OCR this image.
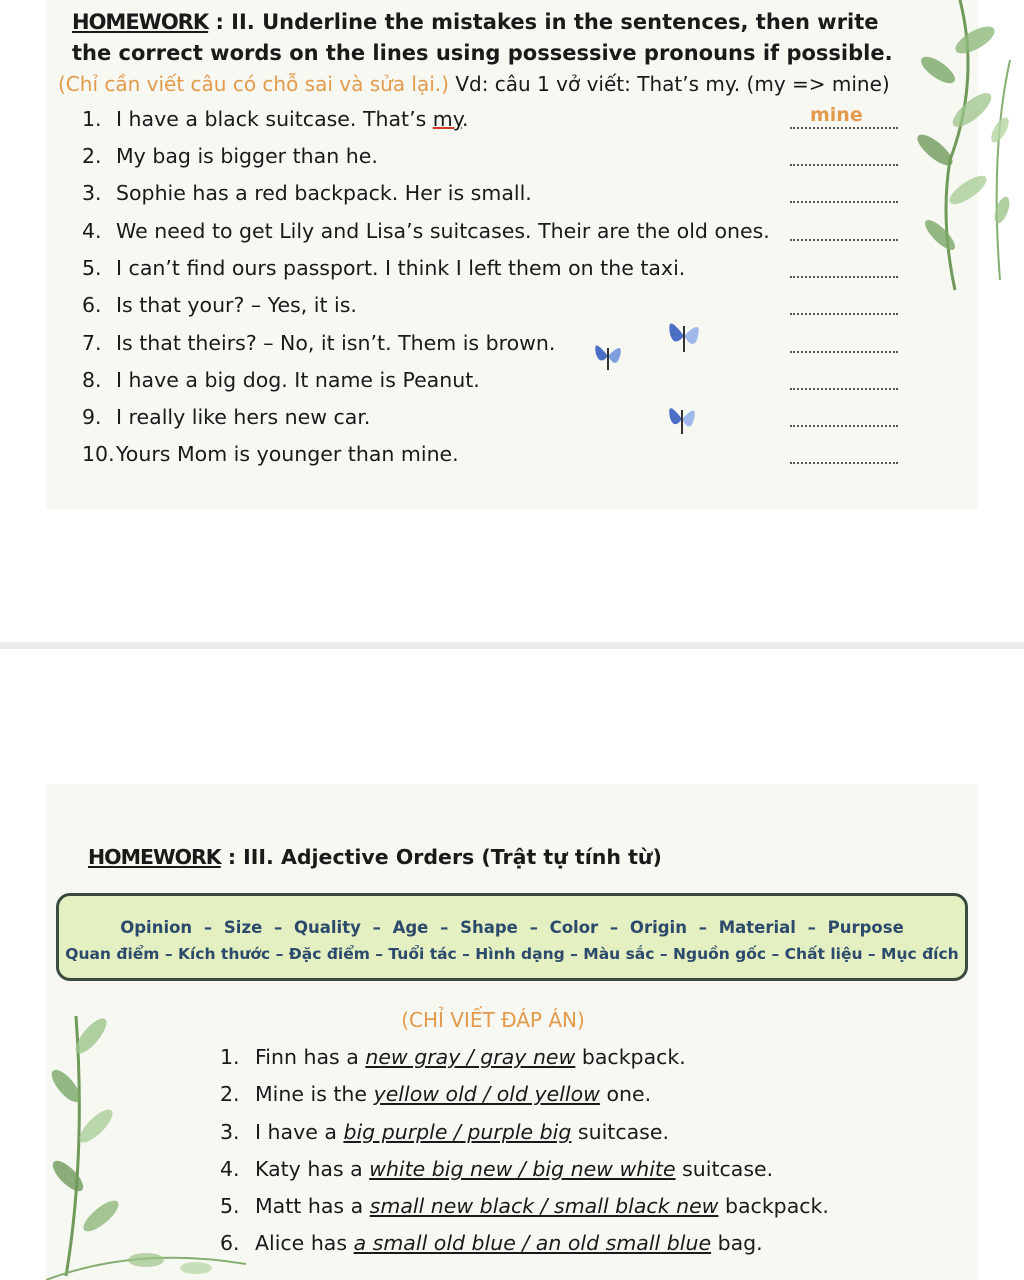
HOMEWORK : II. Underline the mistakes in the sentences, then write
the correct words on the lines using possessive pronouns if possible.
(Chỉ cần viết câu có chỗ sai và sửa lại.) Vd: câu 1 vở viết: That’s my. (my => mine)
1. I have a black suitcase. That’s my.
2. My bag is bigger than he.
3. Sophie has a red backpack. Her is small.
4. We need to get Lily and Lisa’s suitcases. Their are the old ones.
5. I can’t find ours passport. I think I left them on the taxi.
6. Is that your? – Yes, it is.
7. Is that theirs? – No, it isn’t. Them is brown.
8. I have a big dog. It name is Peanut.
9. I really like hers new car.
10.Yours Mom is younger than mine.
mine
HOMEWORK : III. Adjective Orders (Trật tự tính từ)
Opinion – Size – Quality – Age – Shape – Color – Origin – Material – Purpose
Quan điểm – Kích thước – Đặc điểm – Tuổi tác – Hình dạng – Màu sắc – Nguồn gốc – Chất liệu – Mục đích
(CHỈ VIẾT ĐÁP ÁN)
1. Finn has a new gray / gray new backpack.
2. Mine is the yellow old / old yellow one.
3. I have a big purple / purple big suitcase.
4. Katy has a white big new / big new white suitcase.
5. Matt has a small new black / small black new backpack.
6. Alice has a small old blue / an old small blue bag.
